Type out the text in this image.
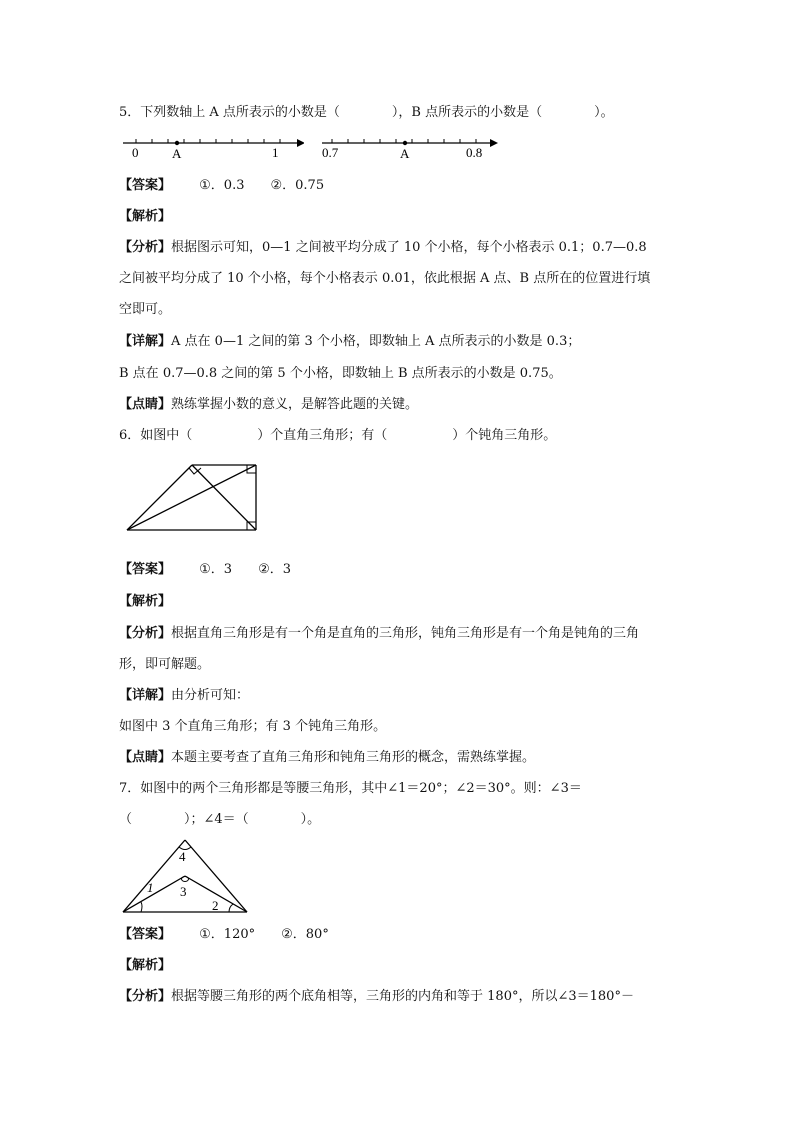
5．下列数轴上 A 点所表示的小数是（　　　　），B 点所表示的小数是（　　　　）。
0	A	1	0.7	A	0.8
【答案】 ①．0.3　　②．0.75
【解析】
【分析】根据图示可知，0—1 之间被平均分成了 10 个小格，每个小格表示 0.1；0.7—0.8
之间被平均分成了 10 个小格，每个小格表示 0.01，依此根据 A 点、B 点所在的位置进行填
空即可。
【详解】A 点在 0—1 之间的第 3 个小格，即数轴上 A 点所表示的小数是 0.3；
B 点在 0.7—0.8 之间的第 5 个小格，即数轴上 B 点所表示的小数是 0.75。
【点睛】熟练掌握小数的意义，是解答此题的关键。
6．如图中（　　　　　）个直角三角形；有（　　　　　）个钝角三角形。
【答案】 ①．3　　②．3
【解析】
【分析】根据直角三角形是有一个角是直角的三角形，钝角三角形是有一个角是钝角的三角
形，即可解题。
【详解】由分析可知：
如图中 3 个直角三角形；有 3 个钝角三角形。
【点睛】本题主要考查了直角三角形和钝角三角形的概念，需熟练掌握。
7．如图中的两个三角形都是等腰三角形，其中∠1＝20°；∠2＝30°。则：∠3＝
（　　　　）；∠4＝（　　　　）。
4
1 3
2
【答案】 ①．120°　　②．80°
【解析】
【分析】根据等腰三角形的两个底角相等，三角形的内角和等于 180°，所以∠3＝180°－
